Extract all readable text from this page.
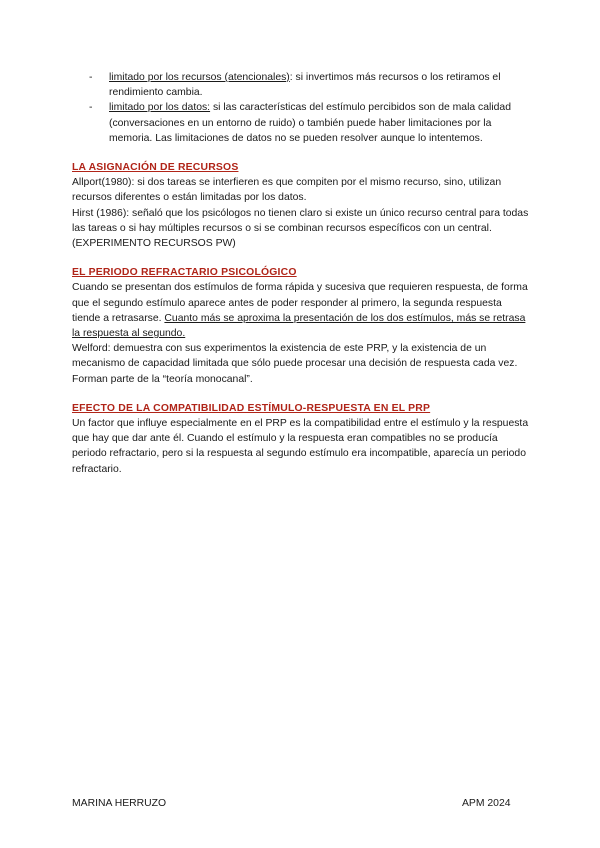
- limitado por los recursos (atencionales): si invertimos más recursos o los retiramos el rendimiento cambia.
- limitado por los datos: si las características del estímulo percibidos son de mala calidad (conversaciones en un entorno de ruido) o también puede haber limitaciones por la memoria. Las limitaciones de datos no se pueden resolver aunque lo intentemos.
LA ASIGNACIÓN DE RECURSOS

Allport(1980): si dos tareas se interfieren es que compiten por el mismo recurso, sino, utilizan recursos diferentes o están limitadas por los datos.

Hirst (1986): señaló que los psicólogos no tienen claro si existe un único recurso central para todas las tareas o si hay múltiples recursos o si se combinan recursos específicos con un central.

(EXPERIMENTO RECURSOS PW)

EL PERIODO REFRACTARIO PSICOLÓGICO

Cuando se presentan dos estímulos de forma rápida y sucesiva que requieren respuesta, de forma que el segundo estímulo aparece antes de poder responder al primero, la segunda respuesta tiende a retrasarse. Cuanto más se aproxima la presentación de los dos estímulos, más se retrasa la respuesta al segundo.

Welford: demuestra con sus experimentos la existencia de este PRP, y la existencia de un mecanismo de capacidad limitada que sólo puede procesar una decisión de respuesta cada vez. Forman parte de la “teoría monocanal”.

EFECTO DE LA COMPATIBILIDAD ESTÍMULO-RESPUESTA EN EL PRP

Un factor que influye especialmente en el PRP es la compatibilidad entre el estímulo y la respuesta que hay que dar ante él. Cuando el estímulo y la respuesta eran compatibles no se producía periodo refractario, pero si la respuesta al segundo estímulo era incompatible, aparecía un periodo refractario.

MARINA HERRUZO	APM 2024
